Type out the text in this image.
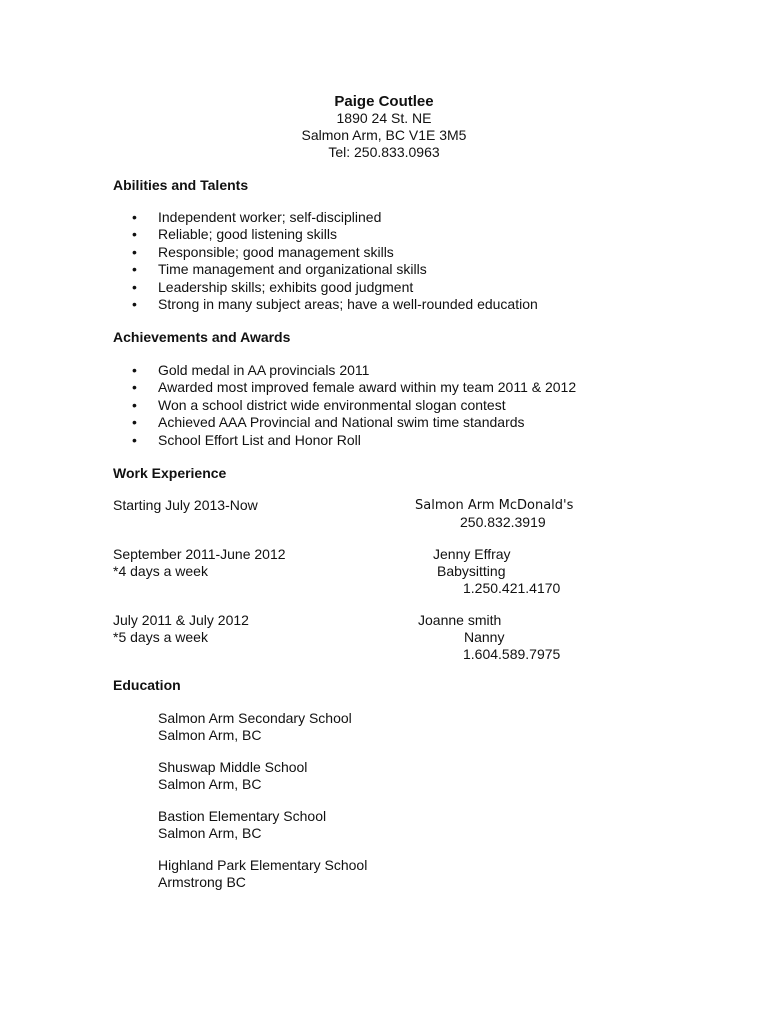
Paige Coutlee
1890 24 St. NE
Salmon Arm, BC V1E 3M5
Tel: 250.833.0963
Abilities and Talents
• Independent worker; self-disciplined
• Reliable; good listening skills
• Responsible; good management skills
• Time management and organizational skills
• Leadership skills; exhibits good judgment
• Strong in many subject areas; have a well-rounded education
Achievements and Awards
• Gold medal in AA provincials 2011
• Awarded most improved female award within my team 2011 & 2012
• Won a school district wide environmental slogan contest
• Achieved AAA Provincial and National swim time standards
• School Effort List and Honor Roll
Work Experience
Starting July 2013-Now	Salmon Arm McDonald's
250.832.3919
September 2011-June 2012
*4 days a week
Jenny Effray
Babysitting
1.250.421.4170
July 2011 & July 2012
*5 days a week
Joanne smith
Nanny
1.604.589.7975
Education
Salmon Arm Secondary School
Salmon Arm, BC
Shuswap Middle School
Salmon Arm, BC
Bastion Elementary School
Salmon Arm, BC
Highland Park Elementary School
Armstrong BC
